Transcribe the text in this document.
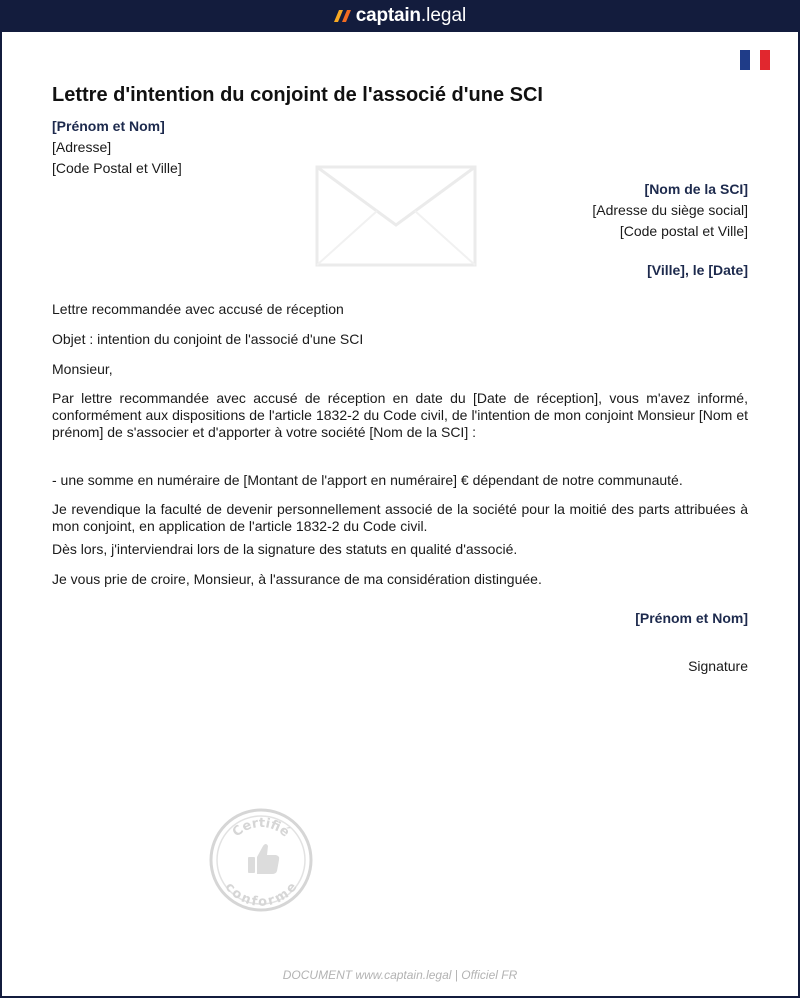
captain .legal
Lettre d'intention du conjoint de l'associé d'une SCI
[Prénom et Nom]
[Adresse]
[Code Postal et Ville]
[Nom de la SCI]
[Adresse du siège social]
[Code postal et Ville]
[Ville], le [Date]
Lettre recommandée avec accusé de réception
Objet : intention du conjoint de l'associé d'une SCI
Monsieur,

Par lettre recommandée avec accusé de réception en date du [Date de réception], vous m'avez informé, conformément aux dispositions de l'article 1832-2 du Code civil, de l'intention de mon conjoint Monsieur [Nom et prénom] de s'associer et d'apporter à votre société [Nom de la SCI] :

- une somme en numéraire de [Montant de l'apport en numéraire] € dépendant de notre communauté.

Je revendique la faculté de devenir personnellement associé de la société pour la moitié des parts attribuées à mon conjoint, en application de l'article 1832-2 du Code civil.

Dès lors, j'interviendrai lors de la signature des statuts en qualité d'associé.

Je vous prie de croire, Monsieur, à l'assurance de ma considération distinguée.

[Prénom et Nom]
Signature
Certifié
conforme
DOCUMENT www.captain.legal | Officiel FR
